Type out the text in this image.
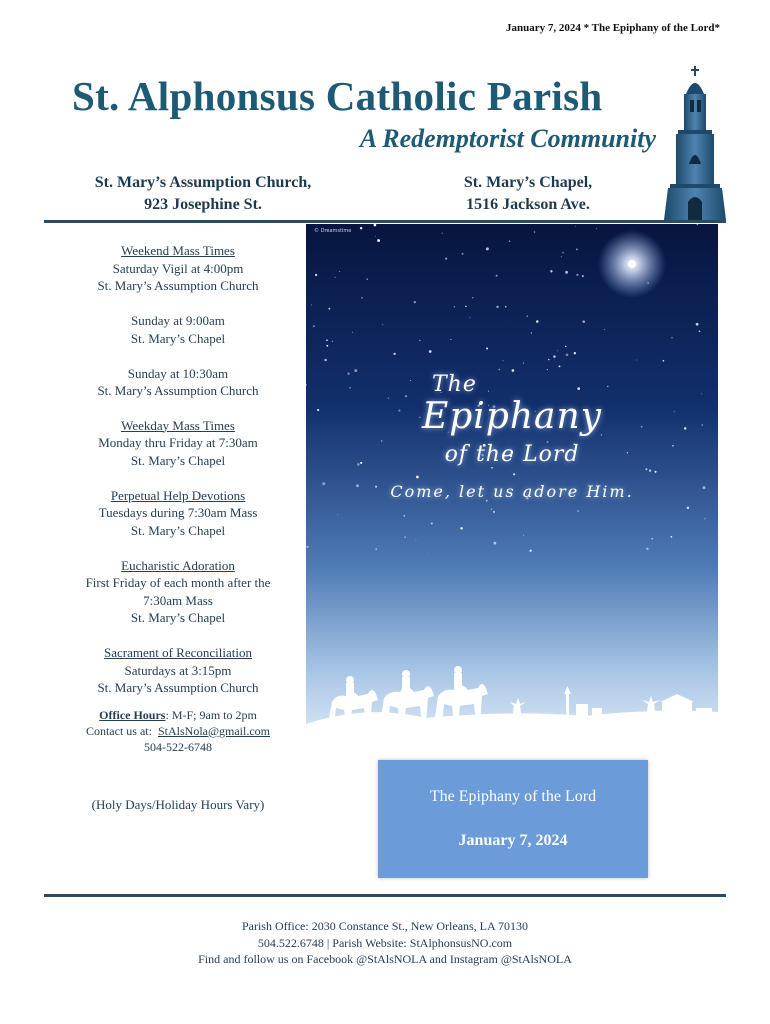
January 7, 2024 * The Epiphany of the Lord*
St. Alphonsus Catholic Parish
A Redemptorist Community
St. Mary’s Assumption Church,
923 Josephine St.
St. Mary’s Chapel,
1516 Jackson Ave.
Weekend Mass Times
Saturday Vigil at 4:00pm
St. Mary’s Assumption Church
Sunday at 9:00am
St. Mary’s Chapel
Sunday at 10:30am
St. Mary’s Assumption Church
Weekday Mass Times
Monday thru Friday at 7:30am
St. Mary’s Chapel
Perpetual Help Devotions
Tuesdays during 7:30am Mass
St. Mary’s Chapel
Eucharistic Adoration
First Friday of each month after the
7:30am Mass
St. Mary’s Chapel
Sacrament of Reconciliation
Saturdays at 3:15pm
St. Mary’s Assumption Church
Office Hours: M-F; 9am to 2pm
Contact us at:  StAlsNola@gmail.com
504-522-6748
(Holy Days/Holiday Hours Vary)
© Dreamstime
The
Epiphany
of the Lord
Come, let us adore Him.
The Epiphany of the Lord
January 7, 2024
Parish Office: 2030 Constance St., New Orleans, LA 70130
504.522.6748 | Parish Website: StAlphonsusNO.com
Find and follow us on Facebook @StAlsNOLA and Instagram @StAlsNOLA
